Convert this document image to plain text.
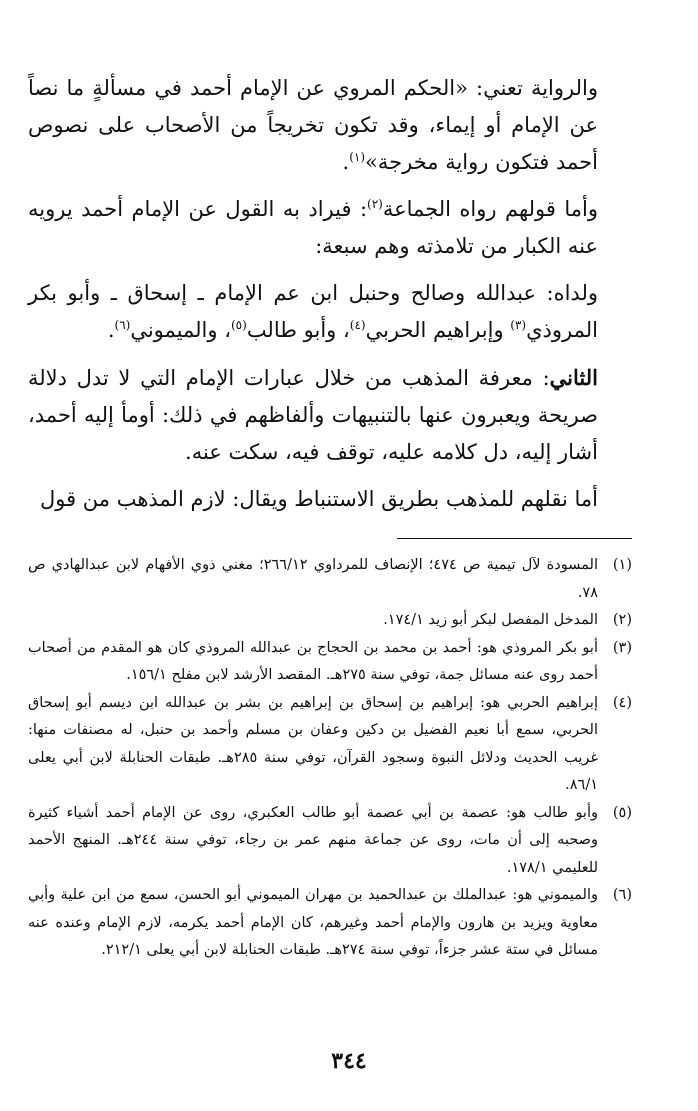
والرواية تعني: «الحكم المروي عن الإمام أحمد في مسألةٍ ما نصاً عن الإمام أو إيماء، وقد تكون تخريجاً من الأصحاب على نصوص أحمد فتكون رواية مخرجة»$^{(١)}$.

وأما قولهم رواه الجماعة$^{(٢)}$: فيراد به القول عن الإمام أحمد يرويه عنه الكبار من تلامذته وهم سبعة:

ولداه: عبدالله وصالح وحنبل ابن عم الإمام ـ إسحاق ـ وأبو بكر المروذي$^{(٣)}$ وإبراهيم الحربي$^{(٤)}$، وأبو طالب$^{(٥)}$، والميموني$^{(٦)}$.

الثاني: معرفة المذهب من خلال عبارات الإمام التي لا تدل دلالة صريحة ويعبرون عنها بالتنبيهات وألفاظهم في ذلك: أومأ إليه أحمد، أشار إليه، دل كلامه عليه، توقف فيه، سكت عنه.

أما نقلهم للمذهب بطريق الاستنباط ويقال: لازم المذهب من قول

(١)
المسودة لآل تيمية ص ٤٧٤؛ الإنصاف للمرداوي ٢٦٦/١٢؛ مغني ذوي الأفهام لابن عبدالهادي ص ٧٨.
(٢)
المدخل المفصل لبكر أبو زيد ١٧٤/١.
(٣)
أبو بكر المروذي هو: أحمد بن محمد بن الحجاج بن عبدالله المروذي كان هو المقدم من أصحاب أحمد روى عنه مسائل جمة، توفي سنة ٢٧٥هـ. المقصد الأرشد لابن مفلح ١٥٦/١.
(٤)
إبراهيم الحربي هو: إبراهيم بن إسحاق بن إبراهيم بن بشر بن عبدالله ابن ديسم أبو إسحاق الحربي، سمع أبا نعيم الفضيل بن دكين وعفان بن مسلم وأحمد بن حنبل، له مصنفات منها: غريب الحديث ودلائل النبوة وسجود القرآن، توفي سنة ٢٨٥هـ. طبقات الحنابلة لابن أبي يعلى ٨٦/١.
(٥)
وأبو طالب هو: عصمة بن أبي عصمة أبو طالب العكبري، روى عن الإمام أحمد أشياء كثيرة وصحبه إلى أن مات، روى عن جماعة منهم عمر بن رجاء، توفي سنة ٢٤٤هـ. المنهج الأحمد للعليمي ١٧٨/١.
(٦)
والميموني هو: عبدالملك بن عبدالحميد بن مهران الميموني أبو الحسن، سمع من ابن علية وأبي معاوية ويزيد بن هارون والإمام أحمد وغيرهم، كان الإمام أحمد يكرمه، لازم الإمام وعنده عنه مسائل في ستة عشر جزءاً، توفي سنة ٢٧٤هـ. طبقات الحنابلة لابن أبي يعلى ٢١٢/١.
٣٤٤
